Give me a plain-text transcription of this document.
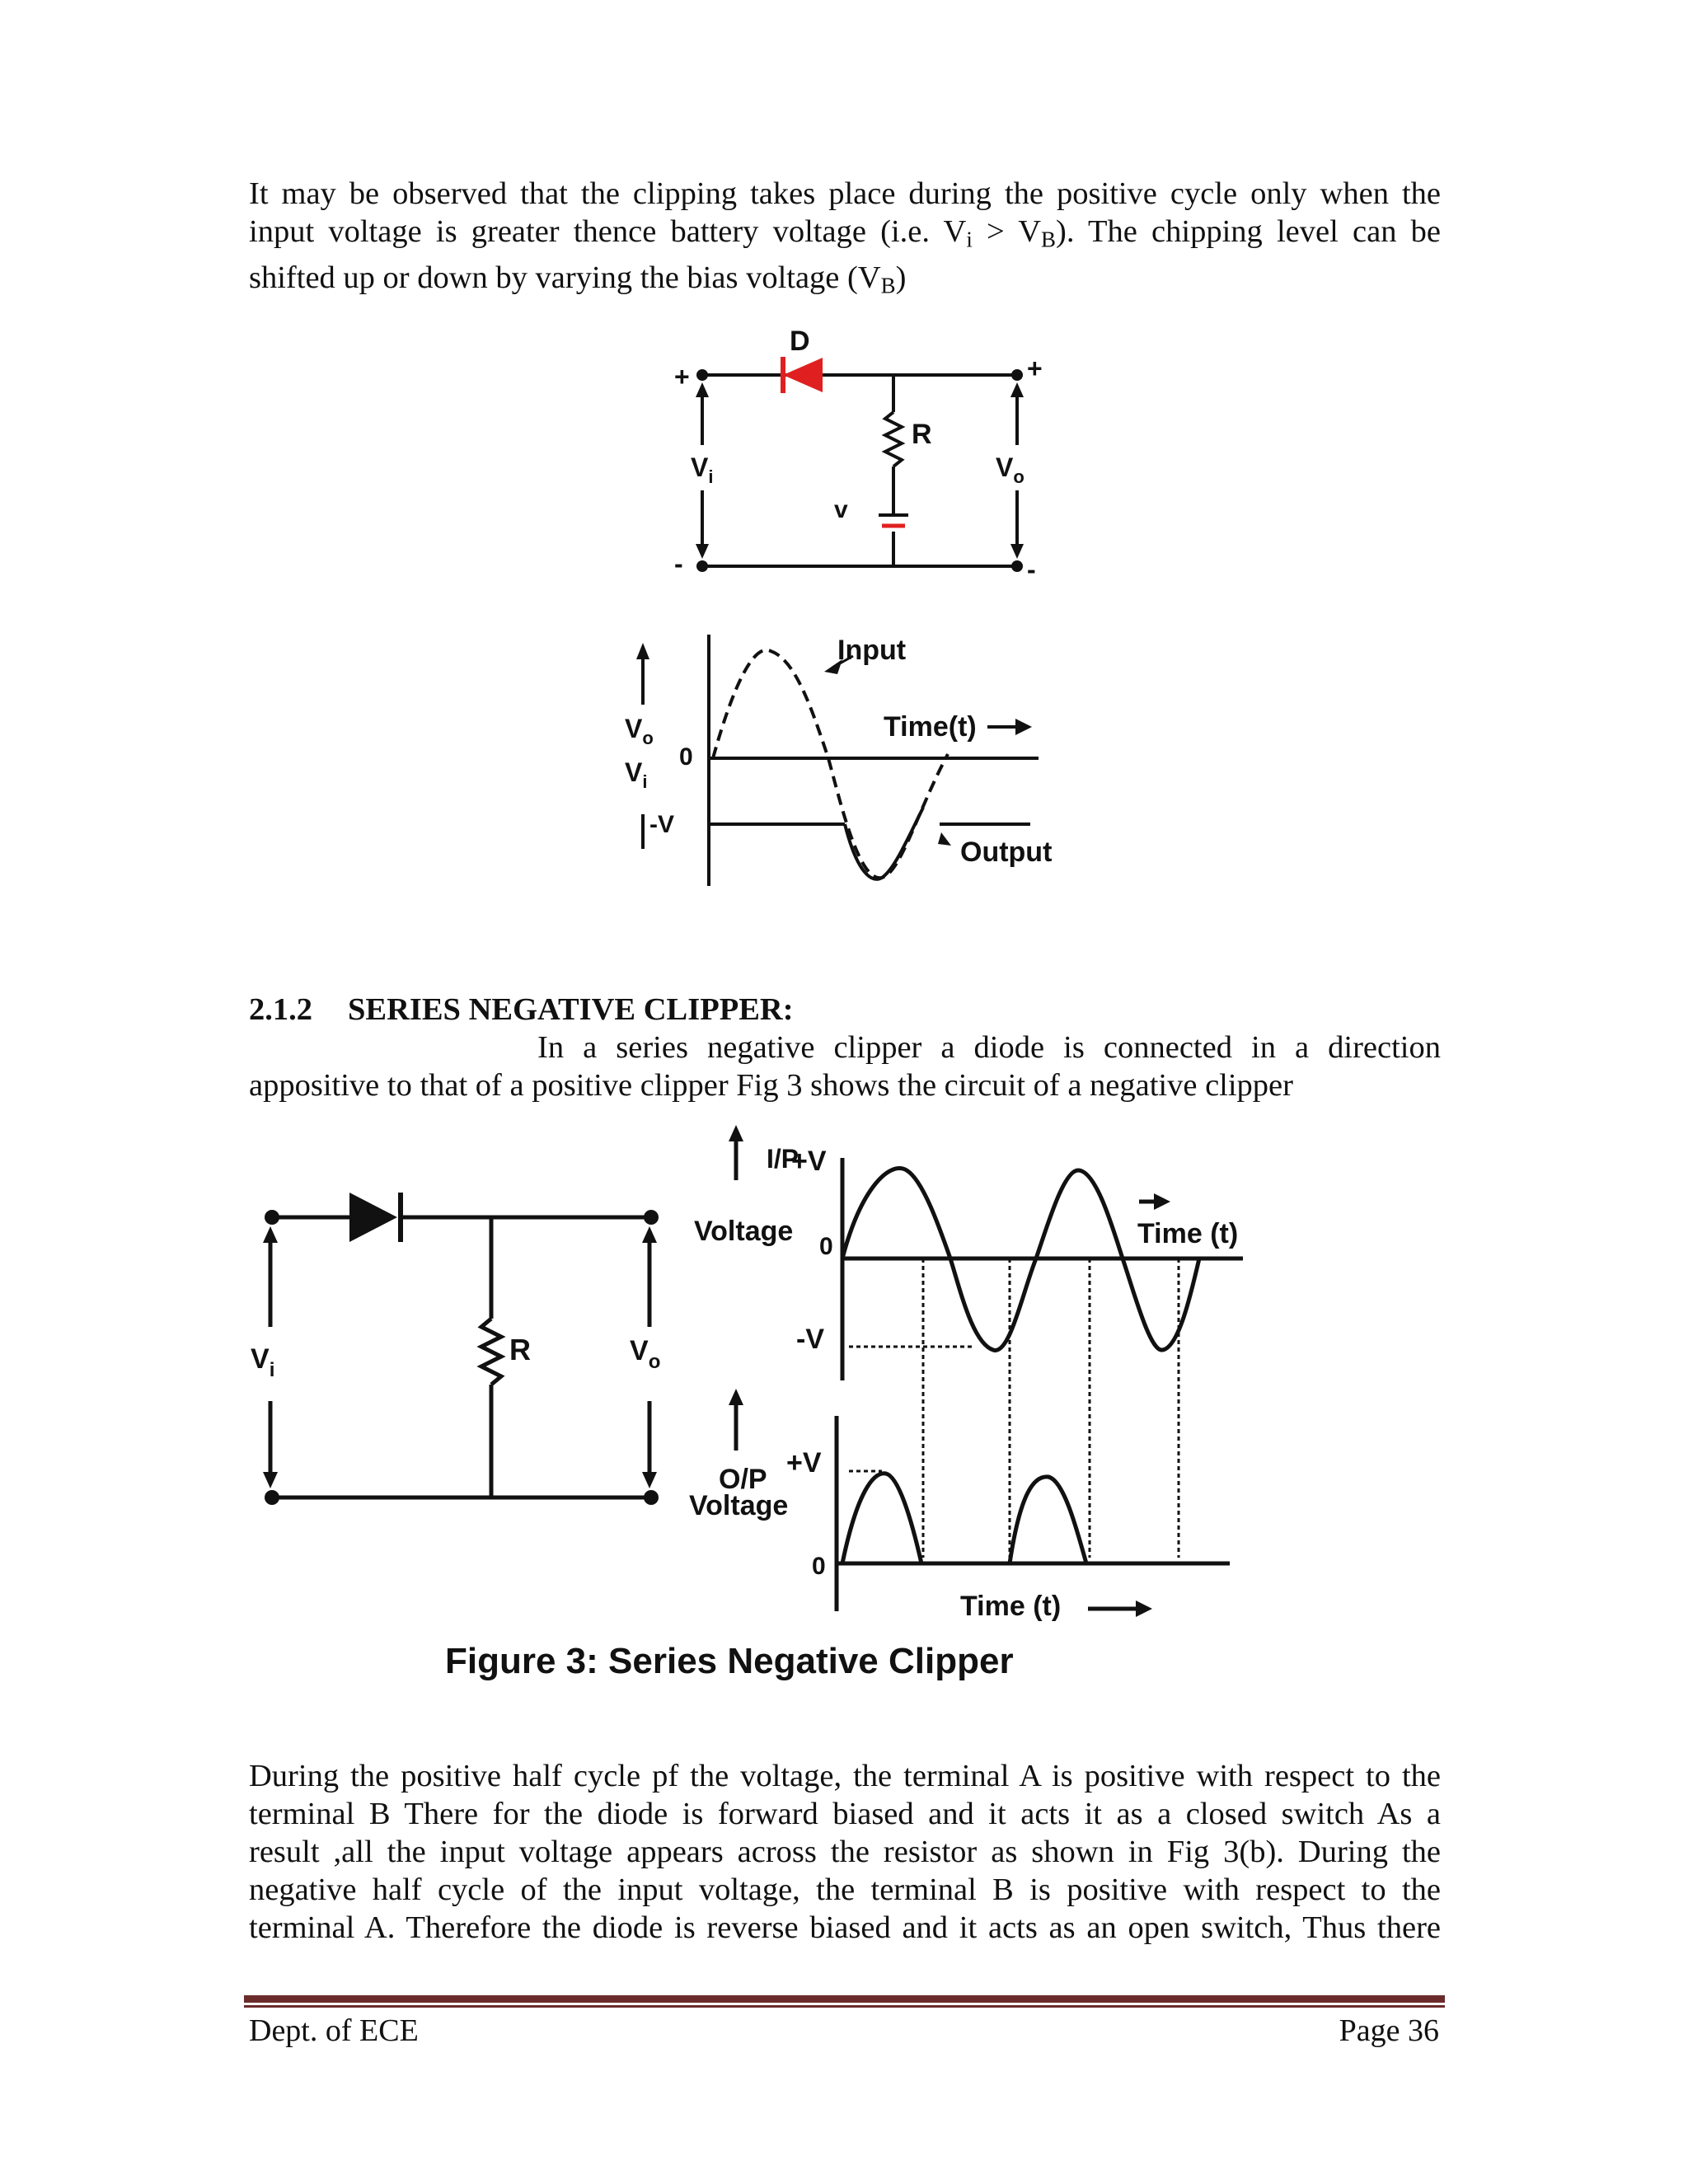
It may be observed that the clipping takes place during the positive cycle only when the
input voltage is greater thence battery voltage (i.e. $V_i > V_B$). The chipping level can be
shifted up or down by varying the bias voltage $(V_B)$
D
R
v
+	+
-	-
$V_i$	$V_o$
Input
Time(t)
Output
$V_o$
$V_i$
0
-V
2.1.2 SERIES NEGATIVE CLIPPER:
In a series negative clipper a diode is connected in a direction
appositive to that of a positive clipper Fig 3 shows the circuit of a negative clipper
R
$V_i$
$V_o$
I/P
Voltage
+V
0
-V
Time (t)
O/P
Voltage
+V
0
Time (t)
Figure 3: Series Negative Clipper
During the positive half cycle pf the voltage, the terminal A is positive with respect to the
terminal B There for the diode is forward biased and it acts it as a closed switch As a
result ,all the input voltage appears across the resistor as shown in Fig 3(b). During the
negative half cycle of the input voltage, the terminal B is positive with respect to the
terminal A. Therefore the diode is reverse biased and it acts as an open switch, Thus there
Dept. of ECE	Page 36
